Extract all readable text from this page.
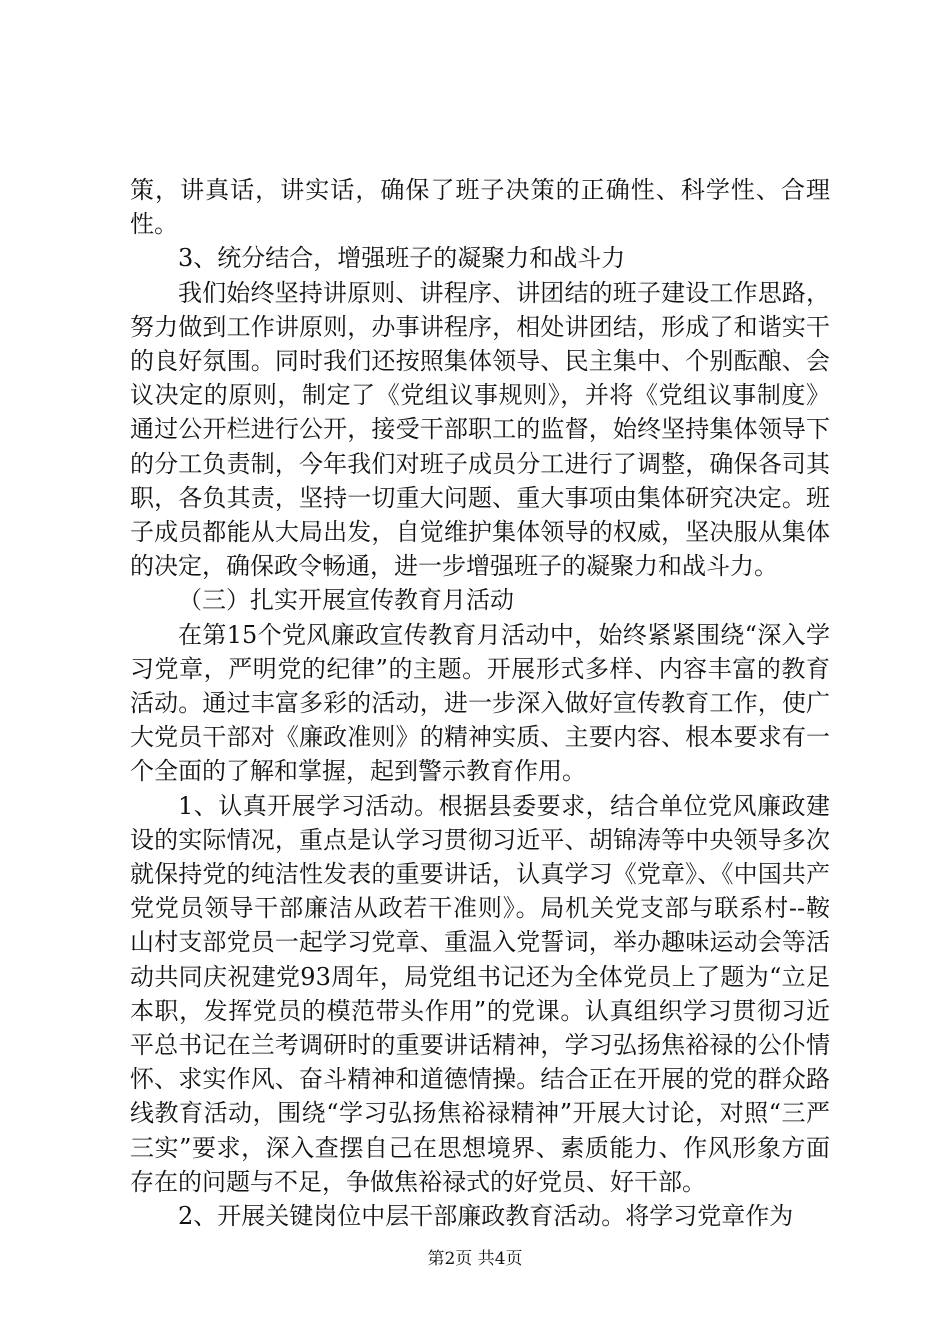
策，讲真话，讲实话，确保了班子决策的正确性、科学性、合理性。

3、统分结合，增强班子的凝聚力和战斗力

我们始终坚持讲原则、讲程序、讲团结的班子建设工作思路，努力做到工作讲原则，办事讲程序，相处讲团结，形成了和谐实干的良好氛围。同时我们还按照集体领导、民主集中、个别酝酿、会议决定的原则，制定了《党组议事规则》，并将《党组议事制度》通过公开栏进行公开，接受干部职工的监督，始终坚持集体领导下的分工负责制，今年我们对班子成员分工进行了调整，确保各司其职，各负其责，坚持一切重大问题、重大事项由集体研究决定。班子成员都能从大局出发，自觉维护集体领导的权威，坚决服从集体的决定，确保政令畅通，进一步增强班子的凝聚力和战斗力。

（三）扎实开展宣传教育月活动

在第15个党风廉政宣传教育月活动中，始终紧紧围绕“深入学习党章，严明党的纪律”的主题。开展形式多样、内容丰富的教育活动。通过丰富多彩的活动，进一步深入做好宣传教育工作，使广大党员干部对《廉政准则》的精神实质、主要内容、根本要求有一个全面的了解和掌握，起到警示教育作用。

1、认真开展学习活动。根据县委要求，结合单位党风廉政建设的实际情况，重点是认学习贯彻习近平、胡锦涛等中央领导多次就保持党的纯洁性发表的重要讲话，认真学习《党章》、《中国共产党党员领导干部廉洁从政若干准则》。局机关党支部与联系村--鞍山村支部党员一起学习党章、重温入党誓词，举办趣味运动会等活动共同庆祝建党93周年，局党组书记还为全体党员上了题为“立足本职，发挥党员的模范带头作用”的党课。认真组织学习贯彻习近平总书记在兰考调研时的重要讲话精神，学习弘扬焦裕禄的公仆情怀、求实作风、奋斗精神和道德情操。结合正在开展的党的群众路线教育活动，围绕“学习弘扬焦裕禄精神”开展大讨论，对照“三严三实”要求，深入查摆自己在思想境界、素质能力、作风形象方面存在的问题与不足，争做焦裕禄式的好党员、好干部。

2、开展关键岗位中层干部廉政教育活动。将学习党章作为

第2页 共4页
